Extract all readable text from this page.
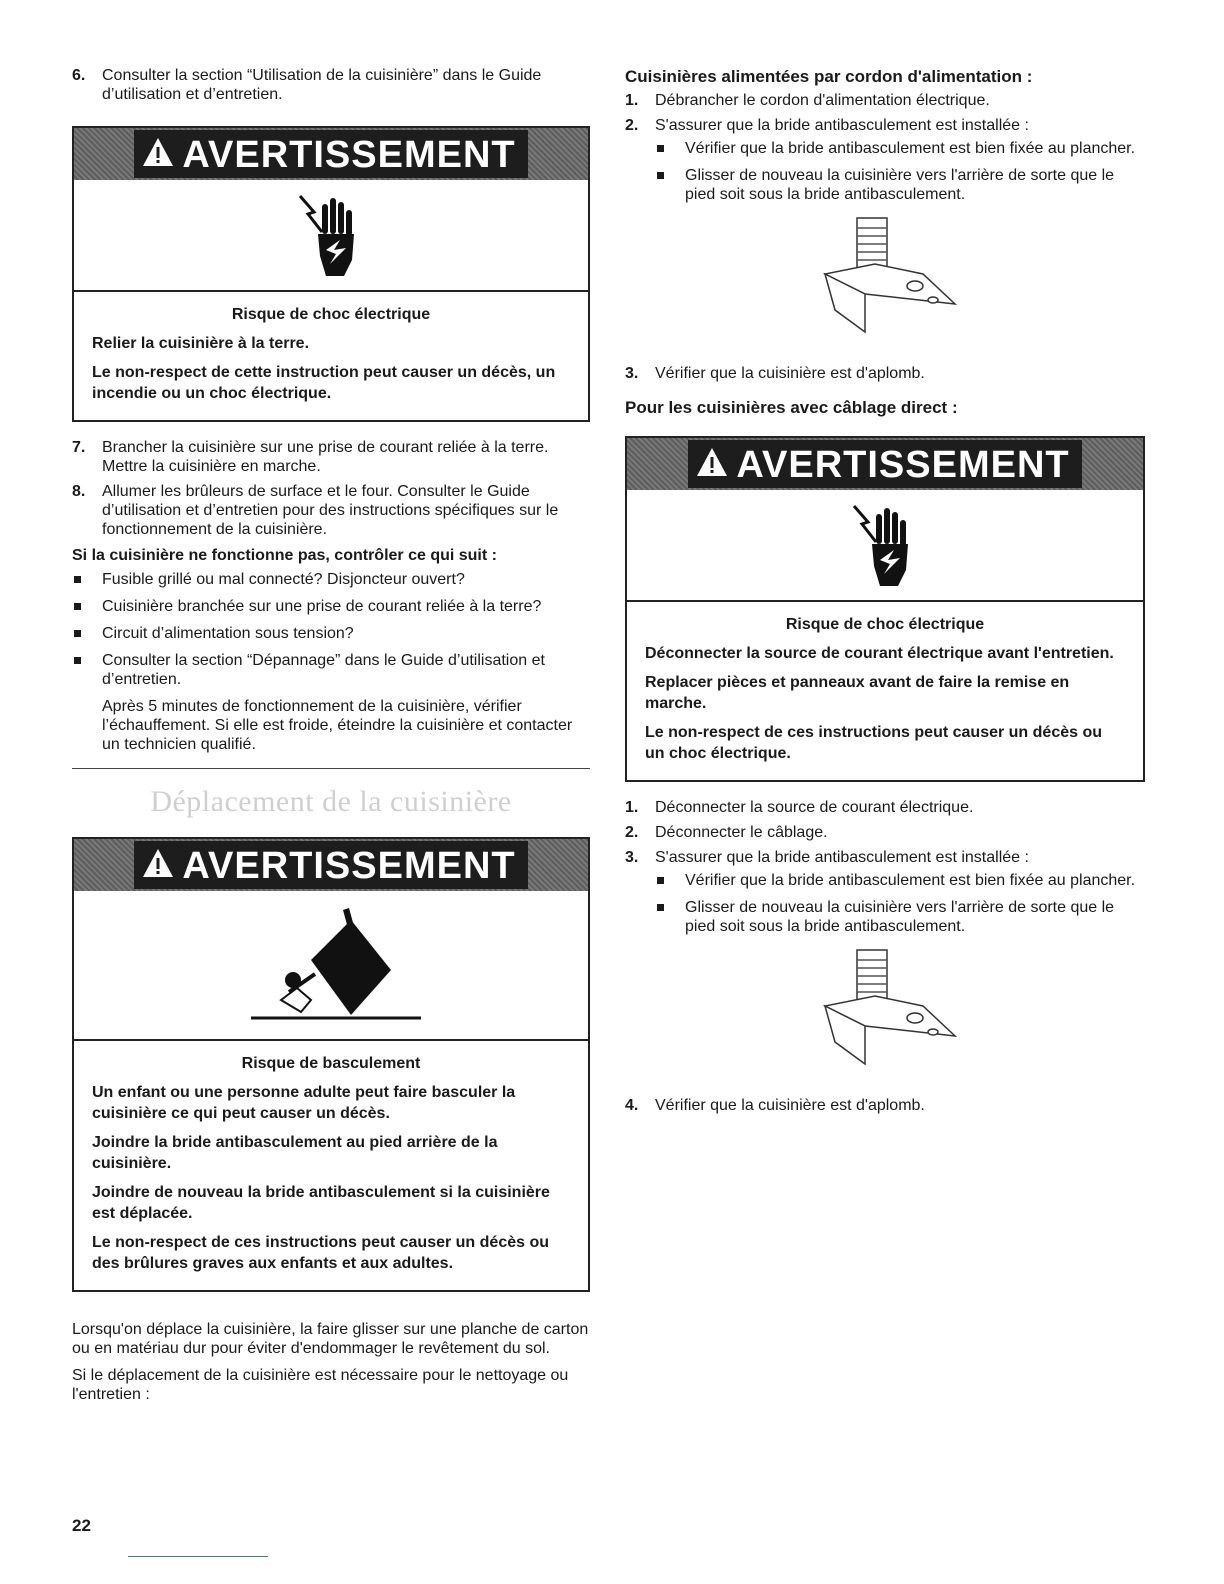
6. Consulter la section “Utilisation de la cuisinière” dans le Guide d’utilisation et d’entretien.
AVERTISSEMENT
Risque de choc électrique

Relier la cuisinière à la terre.

Le non-respect de cette instruction peut causer un décès, un incendie ou un choc électrique.

7. Brancher la cuisinière sur une prise de courant reliée à la terre. Mettre la cuisinière en marche.
8. Allumer les brûleurs de surface et le four. Consulter le Guide d’utilisation et d’entretien pour des instructions spécifiques sur le fonctionnement de la cuisinière.
Si la cuisinière ne fonctionne pas, contrôler ce qui suit :
Fusible grillé ou mal connecté? Disjoncteur ouvert?
Cuisinière branchée sur une prise de courant reliée à la terre?
Circuit d’alimentation sous tension?
Consulter la section “Dépannage” dans le Guide d’utilisation et d’entretien.

Après 5 minutes de fonctionnement de la cuisinière, vérifier l’échauffement. Si elle est froide, éteindre la cuisinière et contacter un technicien qualifié.

Déplacement de la cuisinière
AVERTISSEMENT
Risque de basculement

Un enfant ou une personne adulte peut faire basculer la cuisinière ce qui peut causer un décès.

Joindre la bride antibasculement au pied arrière de la cuisinière.

Joindre de nouveau la bride antibasculement si la cuisinière est déplacée.

Le non-respect de ces instructions peut causer un décès ou des brûlures graves aux enfants et aux adultes.

Lorsqu'on déplace la cuisinière, la faire glisser sur une planche de carton ou en matériau dur pour éviter d'endommager le revêtement du sol.

Si le déplacement de la cuisinière est nécessaire pour le nettoyage ou l'entretien :

Cuisinières alimentées par cordon d'alimentation :
1. Débrancher le cordon d'alimentation électrique.
2. S'assurer que la bride antibasculement est installée :
Vérifier que la bride antibasculement est bien fixée au plancher.
Glisser de nouveau la cuisinière vers l'arrière de sorte que le pied soit sous la bride antibasculement.
3. Vérifier que la cuisinière est d'aplomb.
Pour les cuisinières avec câblage direct :
AVERTISSEMENT
Risque de choc électrique

Déconnecter la source de courant électrique avant l'entretien.

Replacer pièces et panneaux avant de faire la remise en marche.

Le non-respect de ces instructions peut causer un décès ou un choc électrique.

1. Déconnecter la source de courant électrique.
2. Déconnecter le câblage.
3. S'assurer que la bride antibasculement est installée :
Vérifier que la bride antibasculement est bien fixée au plancher.
Glisser de nouveau la cuisinière vers l'arrière de sorte que le pied soit sous la bride antibasculement.
4. Vérifier que la cuisinière est d'aplomb.
22
